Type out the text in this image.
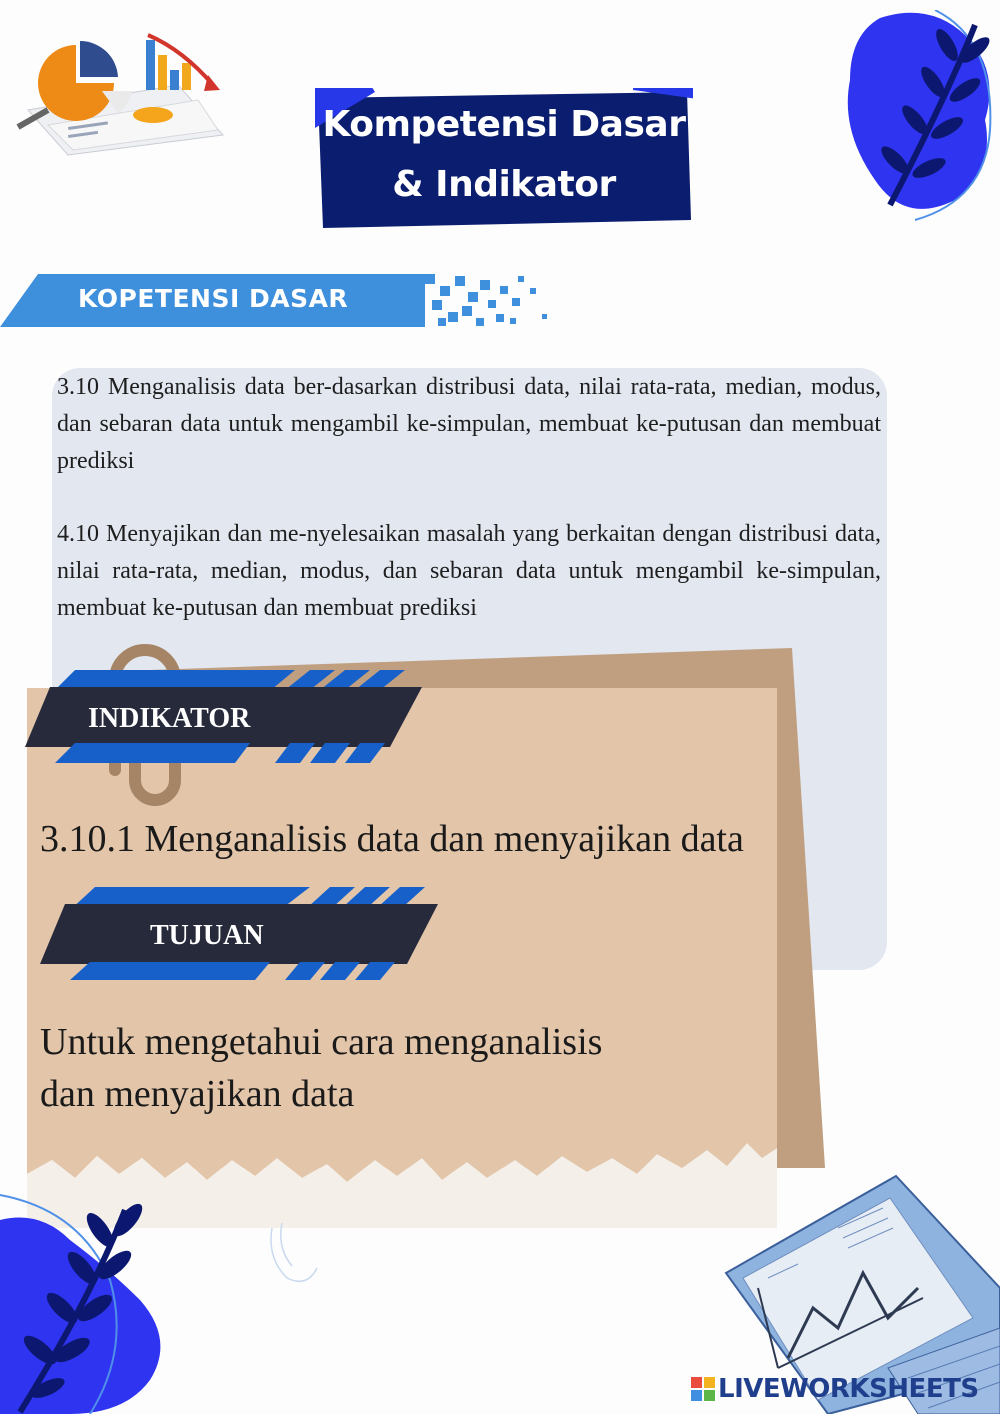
Kompetensi Dasar
& Indikator
KOPETENSI DASAR
3.10 Menganalisis data ber-dasarkan distribusi data, nilai rata-rata, median, modus, dan sebaran data untuk mengambil ke-simpulan, membuat ke-putusan dan membuat prediksi
4.10 Menyajikan dan me-nyelesaikan masalah yang berkaitan dengan distribusi data, nilai rata-rata, median, modus, dan sebaran data untuk mengambil ke-simpulan, membuat ke-putusan dan membuat prediksi
INDIKATOR
3.10.1 Menganalisis data dan menyajikan data
TUJUAN
Untuk mengetahui cara menganalisis
dan menyajikan data
LIVEWORKSHEETS
